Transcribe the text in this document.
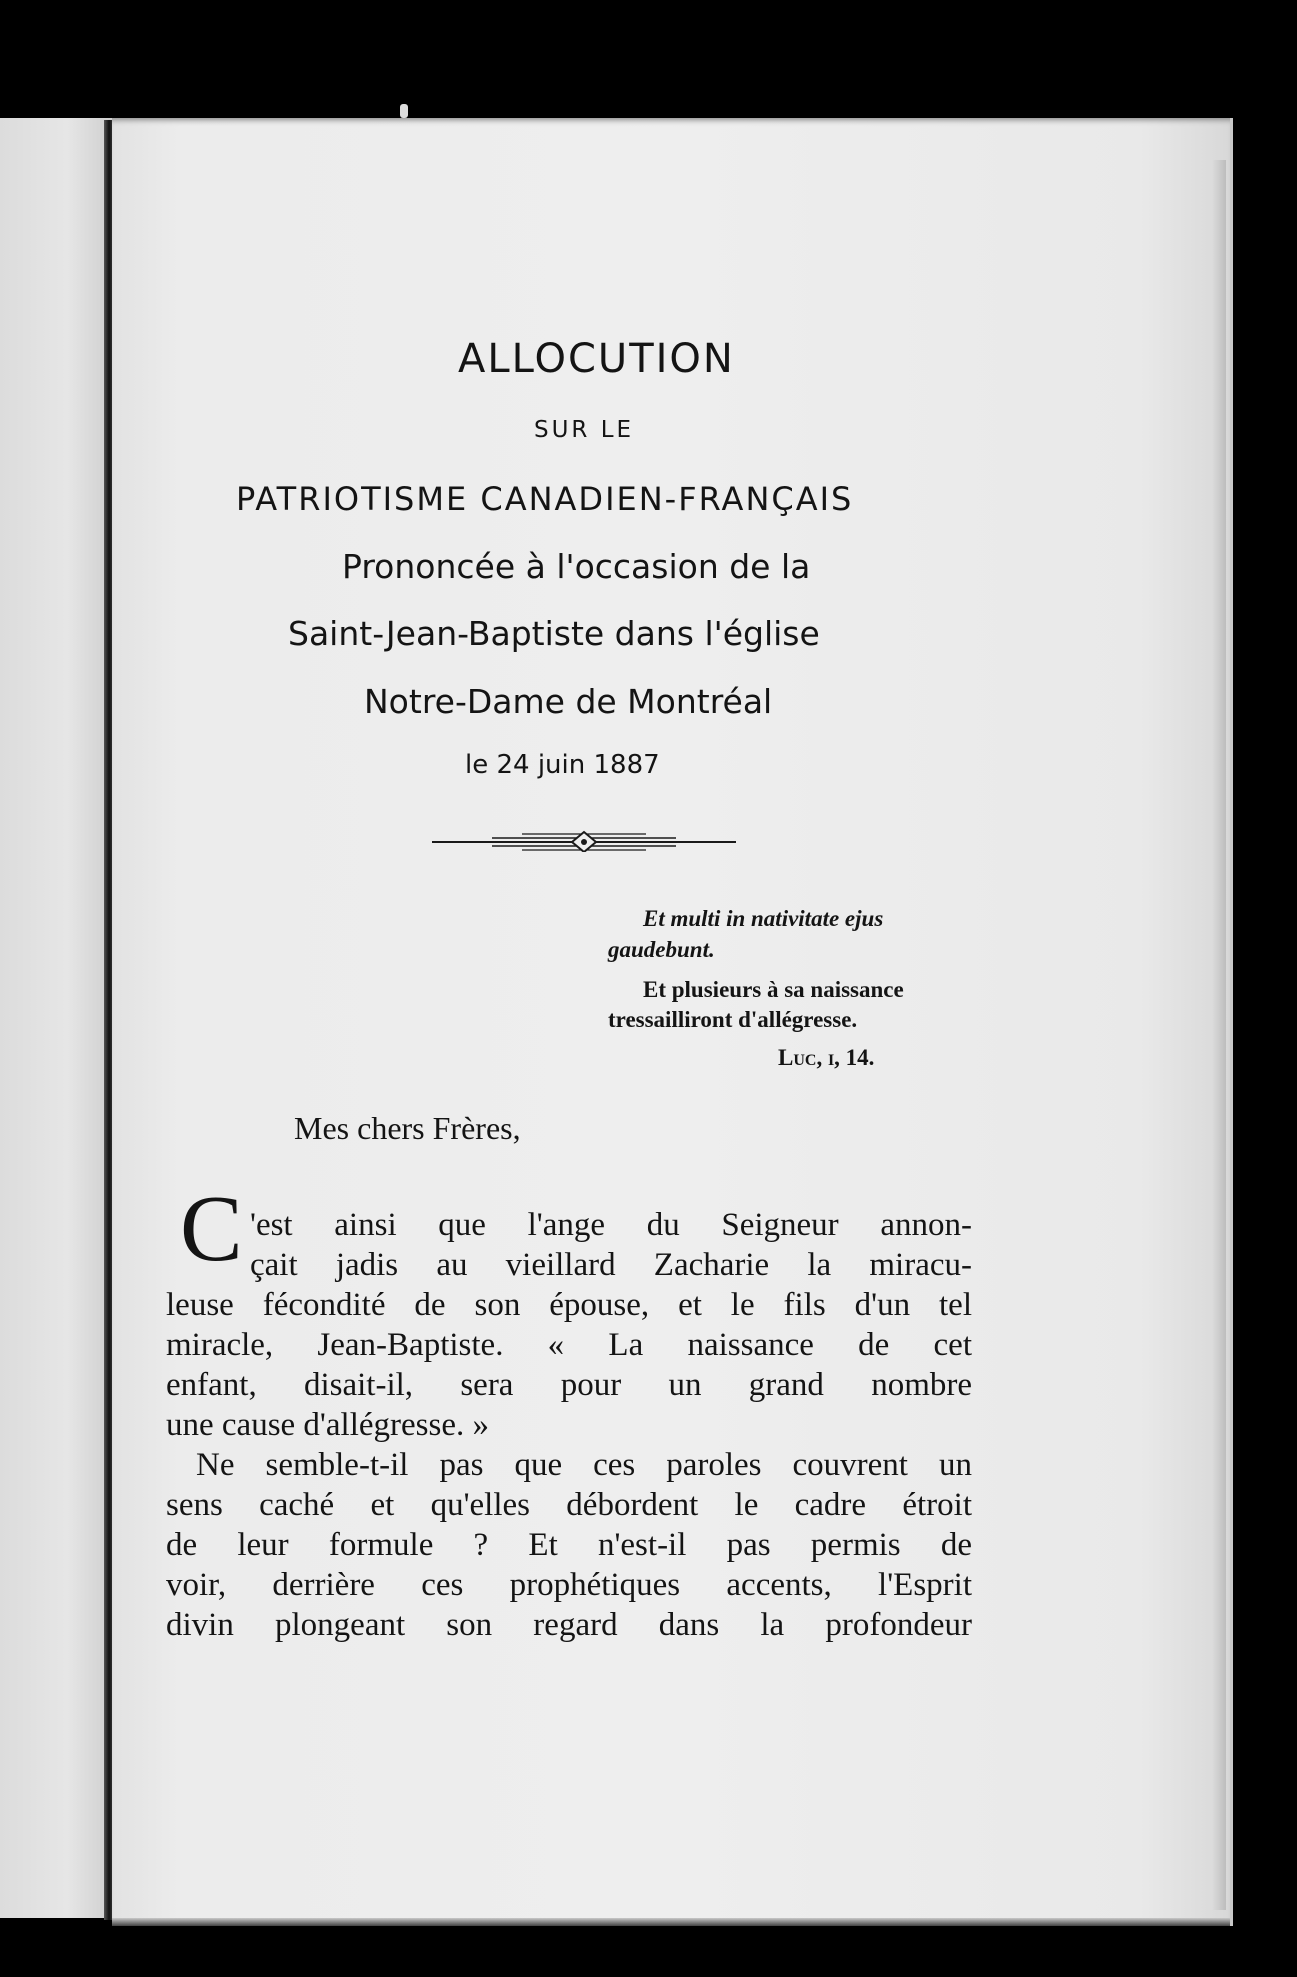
ALLOCUTION
SUR LE
PATRIOTISME CANADIEN-FRANÇAIS
Prononcée à l'occasion de la
Saint-Jean-Baptiste dans l'église
Notre-Dame de Montréal
le 24 juin 1887
Et multi in nativitate ejus
gaudebunt.
Et plusieurs à sa naissance
tressailliront d'allégresse.
Luc, i, 14.
Mes chers Frères,
C 'est ainsi que l'ange du Seigneur annon-
çait jadis au vieillard Zacharie la miracu-
leuse fécondité de son épouse, et le fils d'un tel
miracle, Jean-Baptiste. « La naissance de cet
enfant, disait-il, sera pour un grand nombre
une cause d'allégresse. »
Ne semble-t-il pas que ces paroles couvrent un
sens caché et qu'elles débordent le cadre étroit
de leur formule ? Et n'est-il pas permis de
voir, derrière ces prophétiques accents, l'Esprit
divin plongeant son regard dans la profondeur
